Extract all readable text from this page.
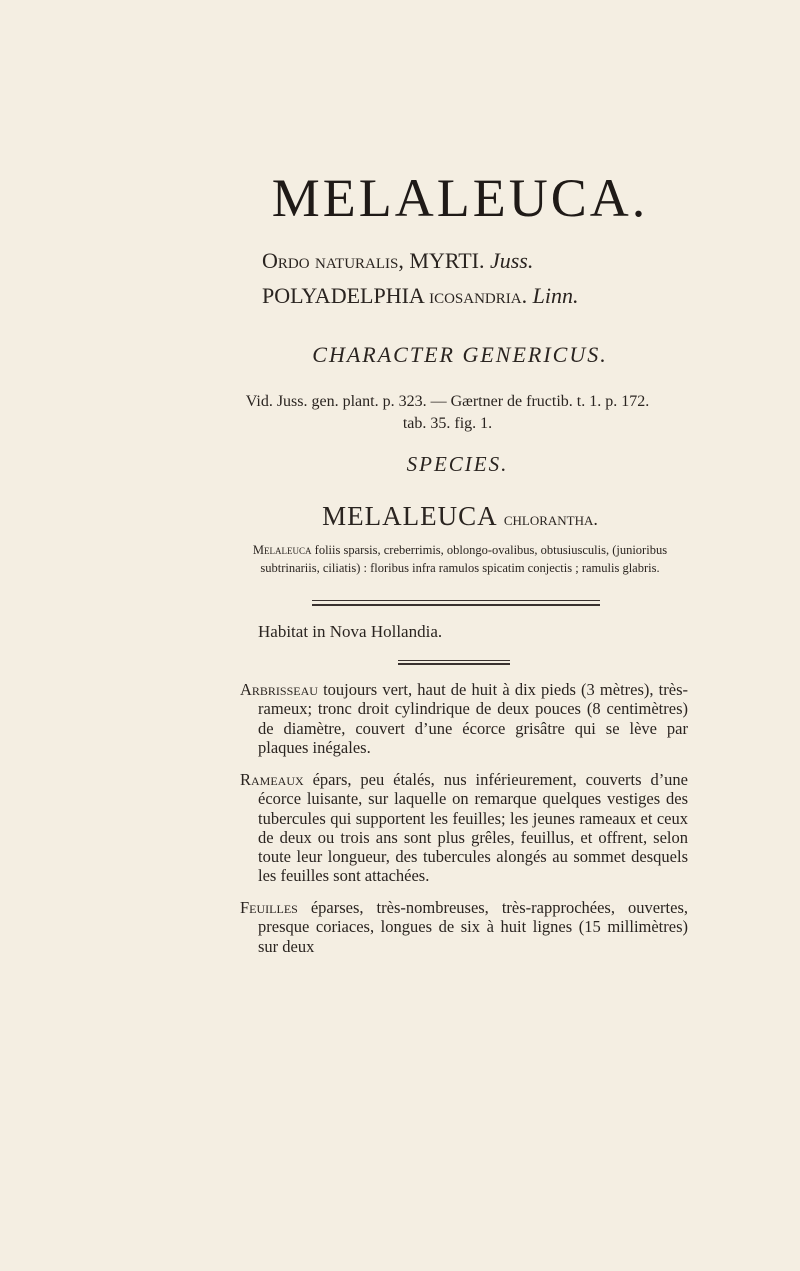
MELALEUCA.
Ordo naturalis, MYRTI. Juss.
POLYADELPHIA icosandria. Linn.
CHARACTER GENERICUS.
Vid. Juss. gen. plant. p. 323. — Gærtner de fructib. t. 1. p. 172.
tab. 35. fig. 1.
SPECIES.
MELALEUCA chlorantha.
Melaleuca foliis sparsis, creberrimis, oblongo-ovalibus, obtusiusculis, (junioribus subtrinariis, ciliatis) : floribus infra ramulos spicatim conjectis ; ramulis glabris.
Habitat in Nova Hollandia.
Arbrisseau toujours vert, haut de huit à dix pieds (3 mètres), très-rameux; tronc droit cylindrique de deux pouces (8 centimètres) de diamètre, couvert d’une écorce grisâtre qui se lève par plaques inégales.
Rameaux épars, peu étalés, nus inférieurement, couverts d’une écorce luisante, sur laquelle on remarque quelques vestiges des tubercules qui supportent les feuilles; les jeunes rameaux et ceux de deux ou trois ans sont plus grêles, feuillus, et offrent, selon toute leur longueur, des tubercules alongés au sommet desquels les feuilles sont attachées.
Feuilles éparses, très-nombreuses, très-rapprochées, ouvertes, presque coriaces, longues de six à huit lignes (15 millimètres) sur deux
